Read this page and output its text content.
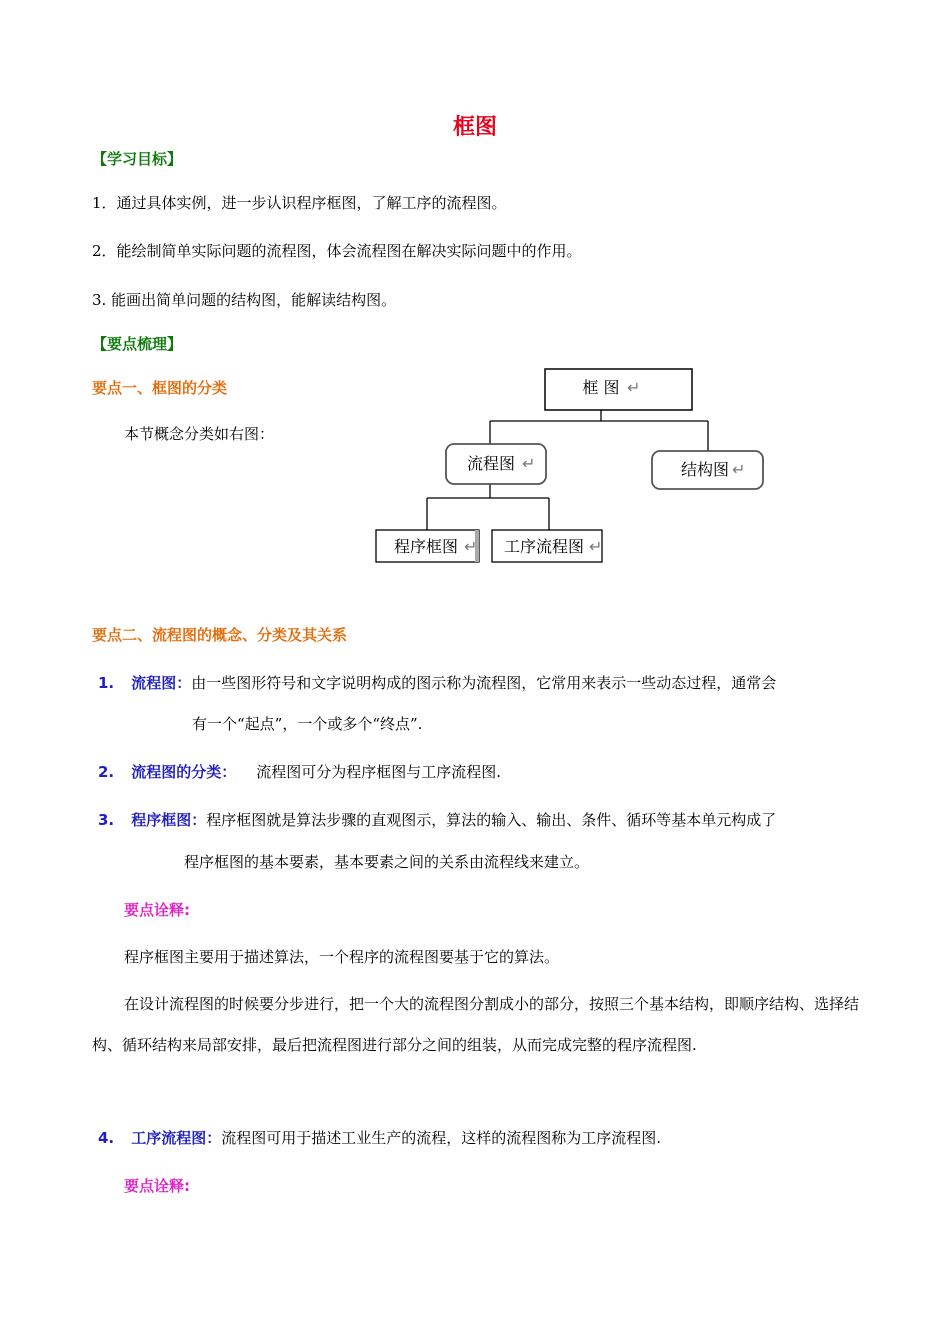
框图
【学习目标】
1．通过具体实例，进一步认识程序框图，了解工序的流程图。
2．能绘制简单实际问题的流程图，体会流程图在解决实际问题中的作用。
3. 能画出简单问题的结构图，能解读结构图。
【要点梳理】
要点一、框图的分类
本节概念分类如右图：
框 图 ↵
流程图 ↵	结构图 ↵
程序框图 ↵ 工序流程图 ↵
要点二、流程图的概念、分类及其关系
1. 流程图：由一些图形符号和文字说明构成的图示称为流程图，它常用来表示一些动态过程，通常会
有一个“起点”，一个或多个“终点”.
2. 流程图的分类： 流程图可分为程序框图与工序流程图.
3. 程序框图：程序框图就是算法步骤的直观图示，算法的输入、输出、条件、循环等基本单元构成了
程序框图的基本要素，基本要素之间的关系由流程线来建立。
要点诠释:
程序框图主要用于描述算法，一个程序的流程图要基于它的算法。
在设计流程图的时候要分步进行，把一个大的流程图分割成小的部分，按照三个基本结构，即顺序结构、选择结构、循环结构来局部安排，最后把流程图进行部分之间的组装，从而完成完整的程序流程图.
4. 工序流程图：流程图可用于描述工业生产的流程，这样的流程图称为工序流程图.
要点诠释:
